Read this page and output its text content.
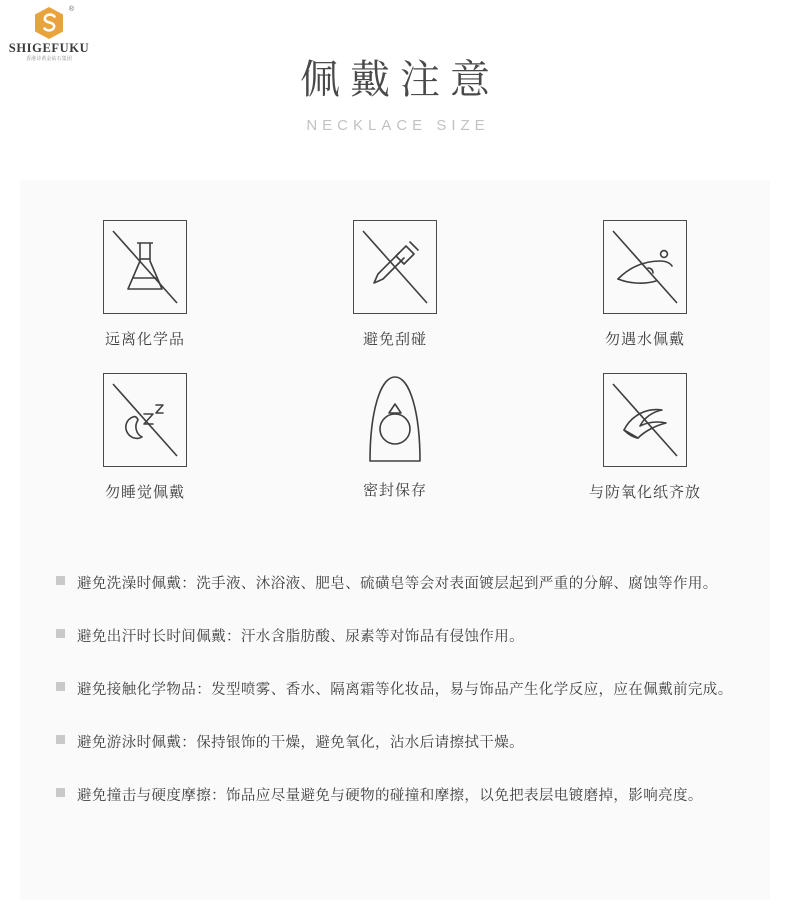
®
SHIGEFUKU
香港诗黄金钻石集团	佩戴注意
NECKLACE SIZE
远离化学品	避免刮碰	勿遇水佩戴
勿睡觉佩戴	密封保存	与防氧化纸齐放
避免洗澡时佩戴：洗手液、沐浴液、肥皂、硫磺皂等会对表面镀层起到严重的分解、腐蚀等作用。
避免出汗时长时间佩戴：汗水含脂肪酸、尿素等对饰品有侵蚀作用。
避免接触化学物品：发型喷雾、香水、隔离霜等化妆品，易与饰品产生化学反应，应在佩戴前完成。
避免游泳时佩戴：保持银饰的干燥，避免氧化，沾水后请擦拭干燥。
避免撞击与硬度摩擦：饰品应尽量避免与硬物的碰撞和摩擦，以免把表层电镀磨掉，影响亮度。
